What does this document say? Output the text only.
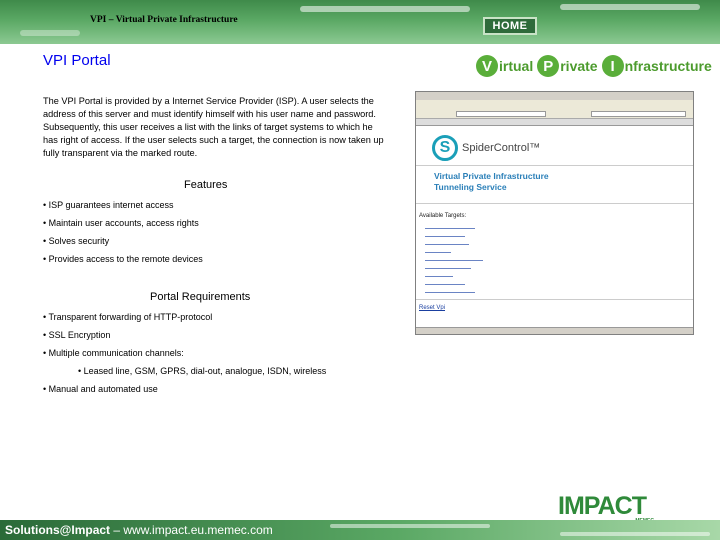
VPI – Virtual Private Infrastructure	HOME
VPI Portal	V irtual P rivate I nfrastructure
The VPI Portal is provided by a Internet Service Provider (ISP). A user selects the address of this server and must identify himself with his user name and password. Subsequently, this user receives a list with the links of target systems to which he has right of access. If the user selects such a target, the connection is now taken up fully transparent via the marked route.
Features
• ISP guarantees internet access
• Maintain user accounts, access rights
• Solves security
• Provides access to the remote devices
Portal Requirements
• Transparent forwarding of HTTP-protocol
• SSL Encryption
• Multiple communication channels:
• Leased line, GSM, GPRS, dial-out, analogue, ISDN, wireless
• Manual and automated use
S	SpiderControl™
Virtual Private Infrastructure
Tunneling Service
Available Targets:
Reset Vpi
IMPACT
Solutions@Impact – www.impact.eu.memec.com
